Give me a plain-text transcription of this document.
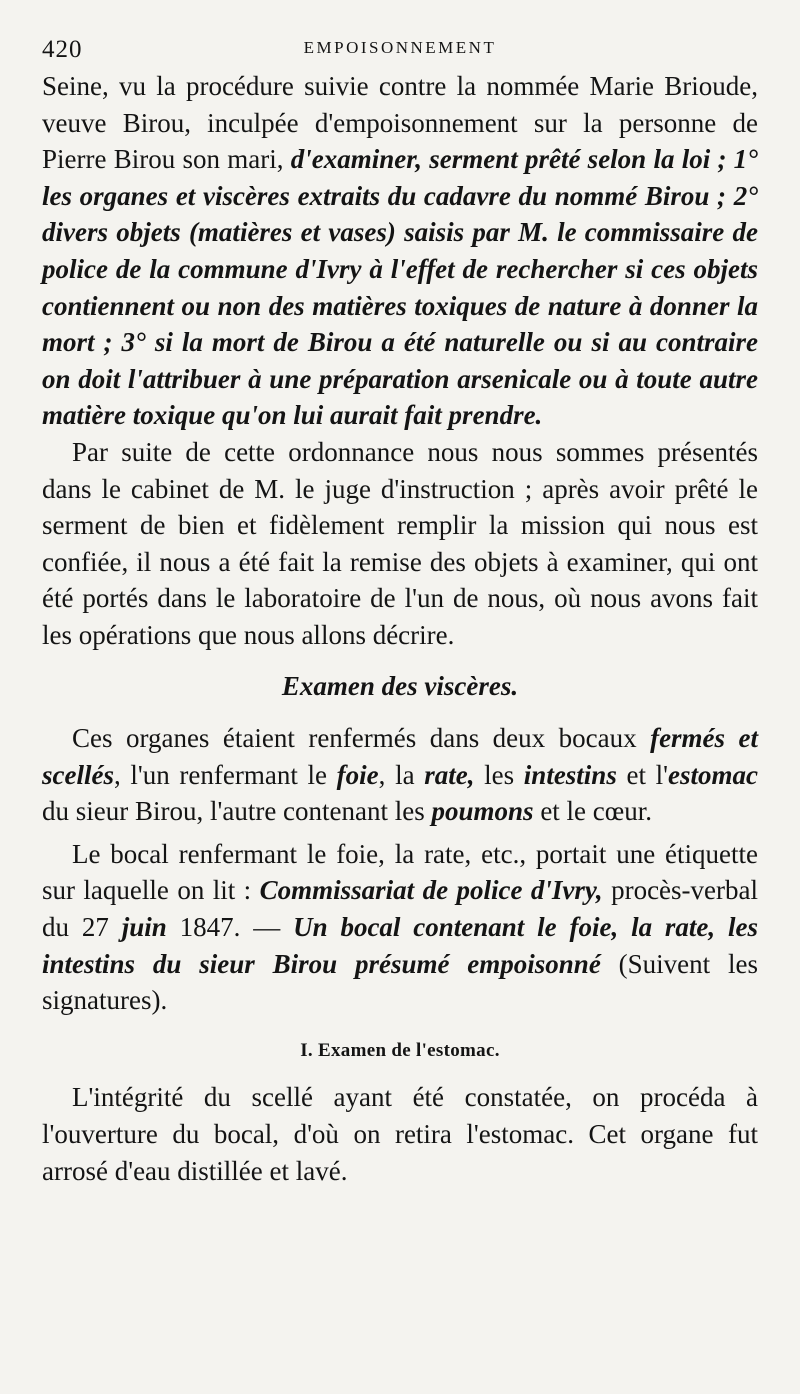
420	EMPOISONNEMENT

Seine, vu la procédure suivie contre la nommée Marie Brioude, veuve Birou, inculpée d'empoisonnement sur la personne de Pierre Birou son mari, d'examiner, serment prêté selon la loi ; 1° les organes et viscères extraits du cadavre du nommé Birou ; 2° divers objets (matières et vases) saisis par M. le commissaire de police de la commune d'Ivry à l'effet de rechercher si ces objets contiennent ou non des matières toxiques de nature à donner la mort ; 3° si la mort de Birou a été naturelle ou si au contraire on doit l'attribuer à une préparation arsenicale ou à toute autre matière toxique qu'on lui aurait fait prendre.

Par suite de cette ordonnance nous nous sommes présentés dans le cabinet de M. le juge d'instruction ; après avoir prêté le serment de bien et fidèlement remplir la mission qui nous est confiée, il nous a été fait la remise des objets à examiner, qui ont été portés dans le laboratoire de l'un de nous, où nous avons fait les opérations que nous allons décrire.

Examen des viscères.

Ces organes étaient renfermés dans deux bocaux fermés et scellés, l'un renfermant le foie, la rate, les intestins et l'estomac du sieur Birou, l'autre contenant les poumons et le cœur.

Le bocal renfermant le foie, la rate, etc., portait une étiquette sur laquelle on lit : Commissariat de police d'Ivry, procès-verbal du 27 juin 1847. — Un bocal contenant le foie, la rate, les intestins du sieur Birou présumé empoisonné (Suivent les signatures).

I. Examen de l'estomac.

L'intégrité du scellé ayant été constatée, on procéda à l'ouverture du bocal, d'où on retira l'estomac. Cet organe fut arrosé d'eau distillée et lavé.
